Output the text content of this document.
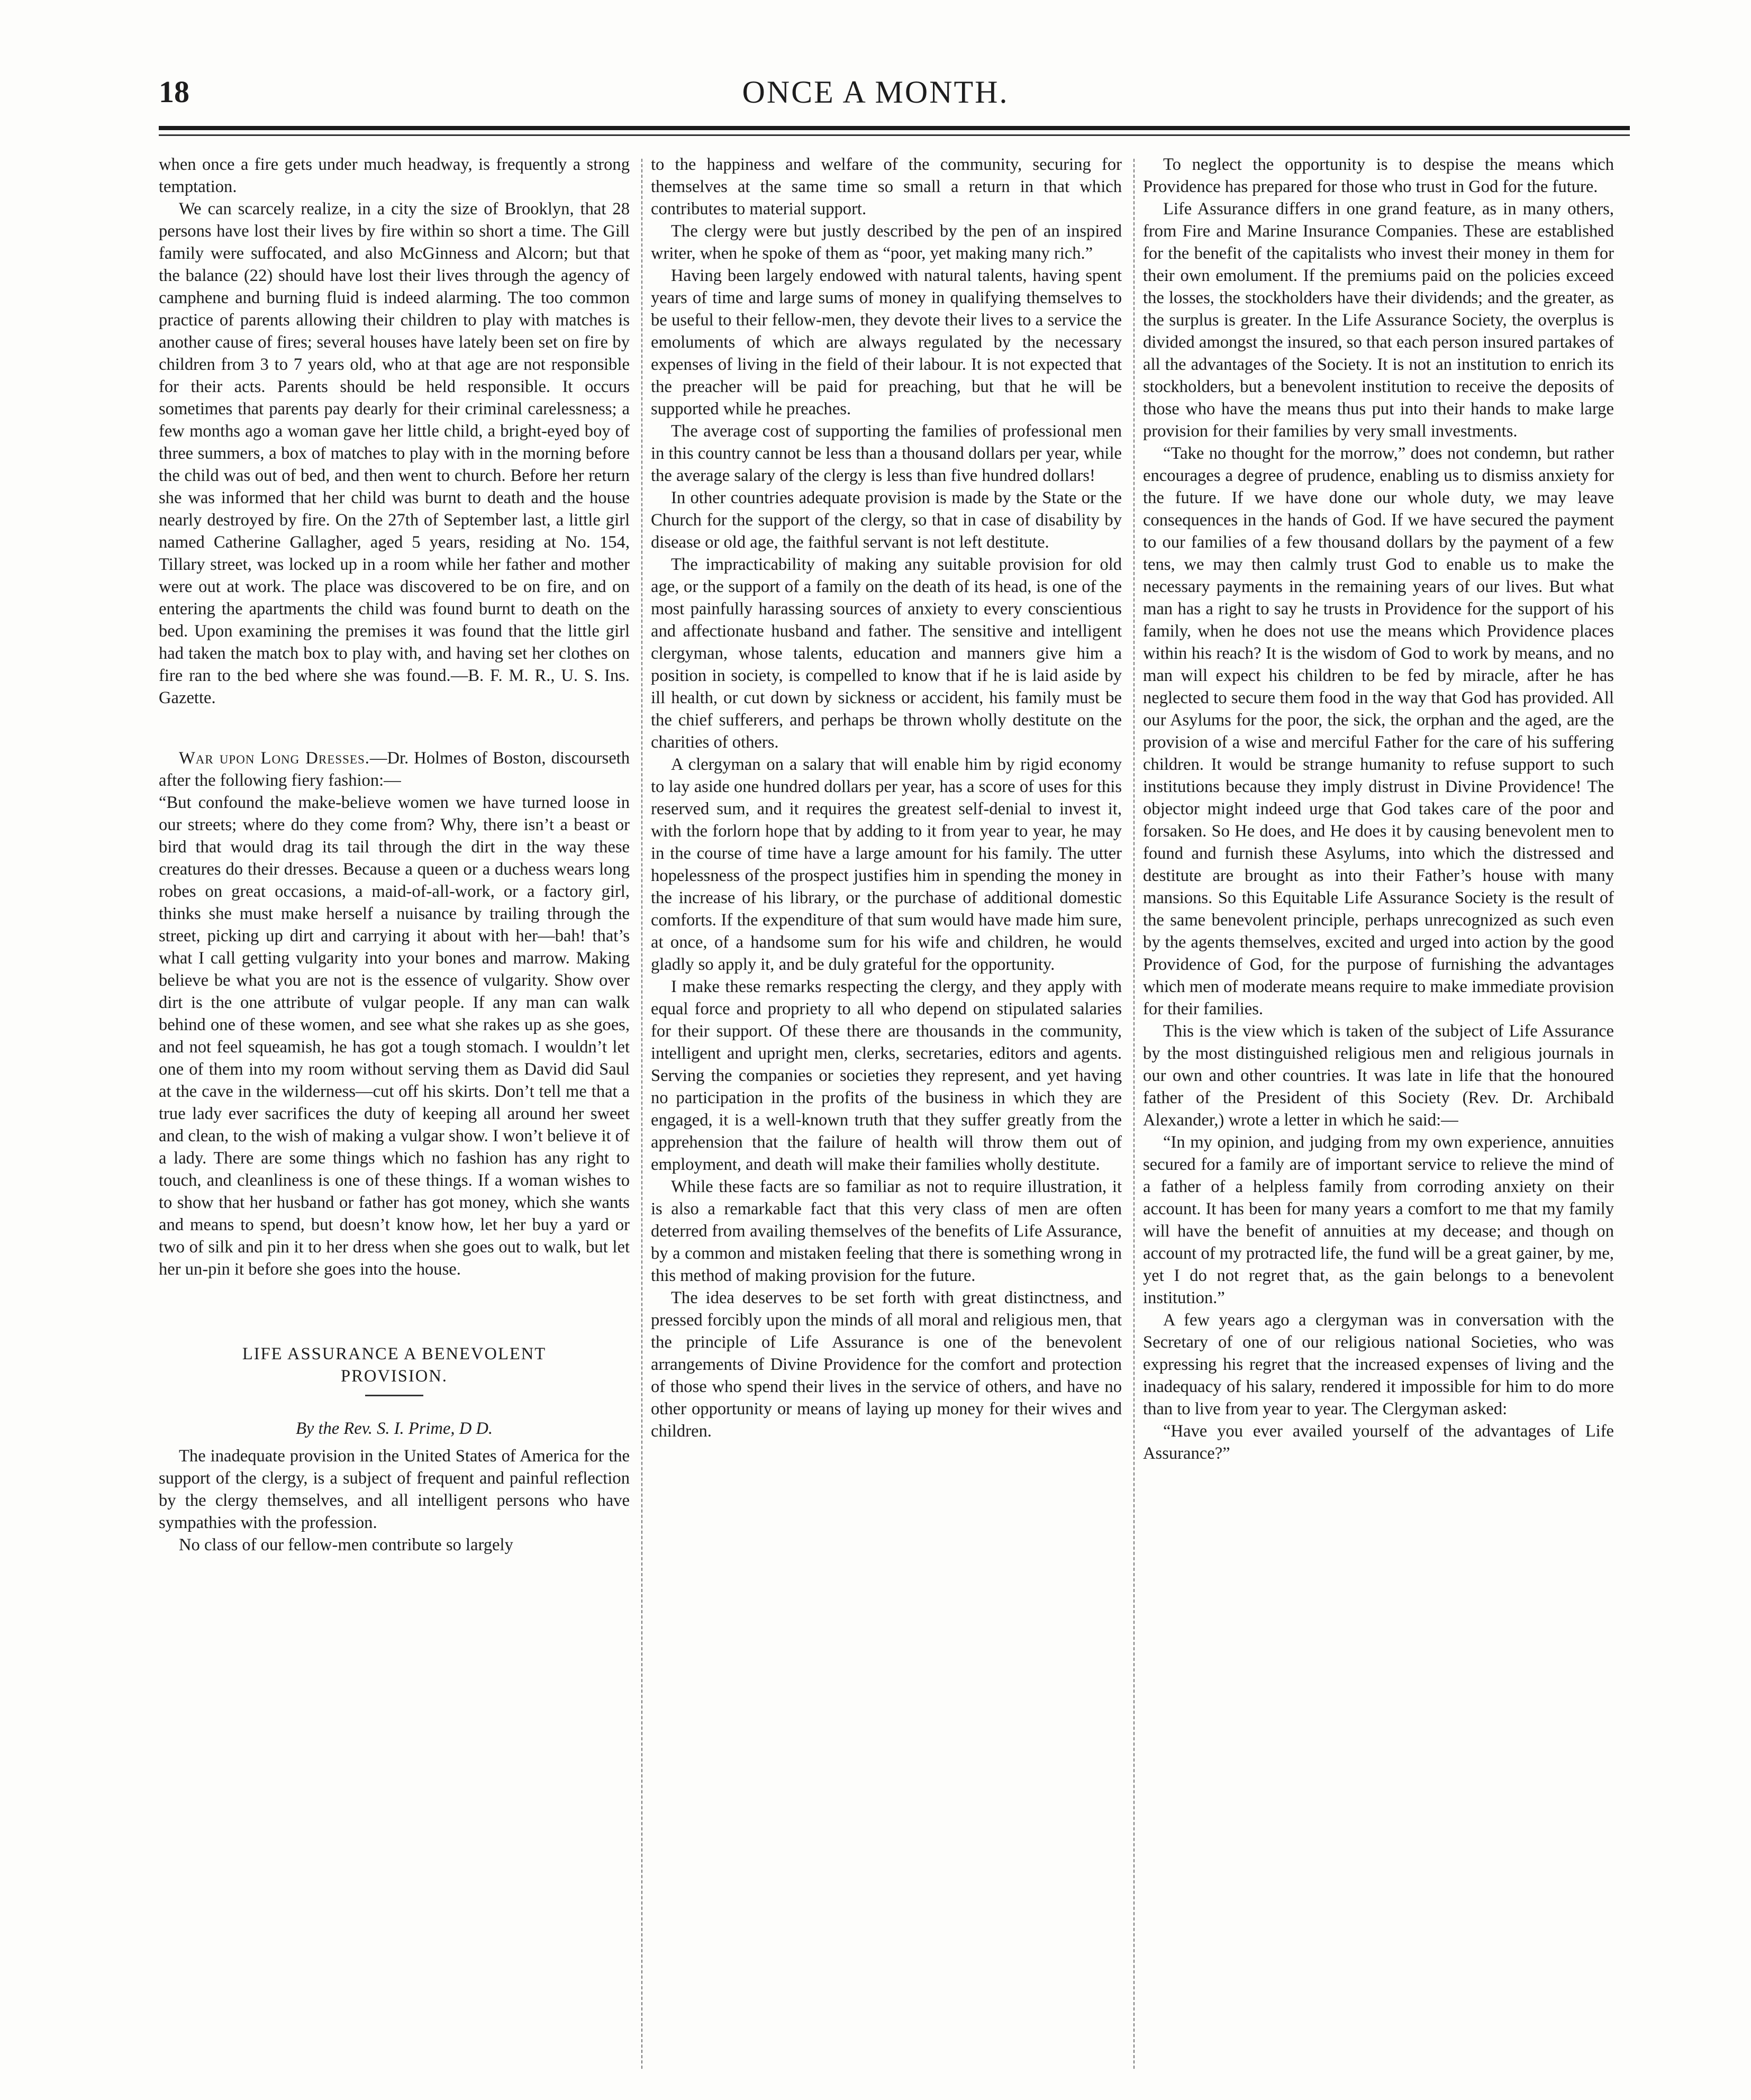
18	ONCE A MONTH.

when once a fire gets under much headway, is frequently a strong temptation.

We can scarcely realize, in a city the size of Brooklyn, that 28 persons have lost their lives by fire within so short a time. The Gill family were suffocated, and also McGinness and Alcorn; but that the balance (22) should have lost their lives through the agency of camphene and burning fluid is indeed alarming. The too common practice of parents allowing their children to play with matches is another cause of fires; several houses have lately been set on fire by children from 3 to 7 years old, who at that age are not responsible for their acts. Parents should be held responsible. It occurs sometimes that parents pay dearly for their criminal carelessness; a few months ago a woman gave her little child, a bright-eyed boy of three summers, a box of matches to play with in the morning before the child was out of bed, and then went to church. Before her return she was informed that her child was burnt to death and the house nearly destroyed by fire. On the 27th of September last, a little girl named Catherine Gallagher, aged 5 years, residing at No. 154, Tillary street, was locked up in a room while her father and mother were out at work. The place was discovered to be on fire, and on entering the apartments the child was found burnt to death on the bed. Upon examining the premises it was found that the little girl had taken the match box to play with, and having set her clothes on fire ran to the bed where she was found.—B. F. M. R., U. S. Ins. Gazette.

War upon Long Dresses.—Dr. Holmes of Boston, discourseth after the following fiery fashion:—

“But confound the make-believe women we have turned loose in our streets; where do they come from? Why, there isn’t a beast or bird that would drag its tail through the dirt in the way these creatures do their dresses. Because a queen or a duchess wears long robes on great occasions, a maid-of-all-work, or a factory girl, thinks she must make herself a nuisance by trailing through the street, picking up dirt and carrying it about with her—bah! that’s what I call getting vulgarity into your bones and marrow. Making believe be what you are not is the essence of vulgarity. Show over dirt is the one attribute of vulgar people. If any man can walk behind one of these women, and see what she rakes up as she goes, and not feel squeamish, he has got a tough stomach. I wouldn’t let one of them into my room without serving them as David did Saul at the cave in the wilderness—cut off his skirts. Don’t tell me that a true lady ever sacrifices the duty of keeping all around her sweet and clean, to the wish of making a vulgar show. I won’t believe it of a lady. There are some things which no fashion has any right to touch, and cleanliness is one of these things. If a woman wishes to to show that her husband or father has got money, which she wants and means to spend, but doesn’t know how, let her buy a yard or two of silk and pin it to her dress when she goes out to walk, but let her un-pin it before she goes into the house.

LIFE ASSURANCE A BENEVOLENT PROVISION.
By the Rev. S. I. Prime, D D.

The inadequate provision in the United States of America for the support of the clergy, is a subject of frequent and painful reflection by the clergy themselves, and all intelligent persons who have sympathies with the profession.

No class of our fellow-men contribute so largely

to the happiness and welfare of the community, securing for themselves at the same time so small a return in that which contributes to material support.

The clergy were but justly described by the pen of an inspired writer, when he spoke of them as “poor, yet making many rich.”

Having been largely endowed with natural talents, having spent years of time and large sums of money in qualifying themselves to be useful to their fellow-men, they devote their lives to a service the emoluments of which are always regulated by the necessary expenses of living in the field of their labour. It is not expected that the preacher will be paid for preaching, but that he will be supported while he preaches.

The average cost of supporting the families of professional men in this country cannot be less than a thousand dollars per year, while the average salary of the clergy is less than five hundred dollars!

In other countries adequate provision is made by the State or the Church for the support of the clergy, so that in case of disability by disease or old age, the faithful servant is not left destitute.

The impracticability of making any suitable provision for old age, or the support of a family on the death of its head, is one of the most painfully harassing sources of anxiety to every conscientious and affectionate husband and father. The sensitive and intelligent clergyman, whose talents, education and manners give him a position in society, is compelled to know that if he is laid aside by ill health, or cut down by sickness or accident, his family must be the chief sufferers, and perhaps be thrown wholly destitute on the charities of others.

A clergyman on a salary that will enable him by rigid economy to lay aside one hundred dollars per year, has a score of uses for this reserved sum, and it requires the greatest self-denial to invest it, with the forlorn hope that by adding to it from year to year, he may in the course of time have a large amount for his family. The utter hopelessness of the prospect justifies him in spending the money in the increase of his library, or the purchase of additional domestic comforts. If the expenditure of that sum would have made him sure, at once, of a handsome sum for his wife and children, he would gladly so apply it, and be duly grateful for the opportunity.

I make these remarks respecting the clergy, and they apply with equal force and propriety to all who depend on stipulated salaries for their support. Of these there are thousands in the community, intelligent and upright men, clerks, secretaries, editors and agents. Serving the companies or societies they represent, and yet having no participation in the profits of the business in which they are engaged, it is a well-known truth that they suffer greatly from the apprehension that the failure of health will throw them out of employment, and death will make their families wholly destitute.

While these facts are so familiar as not to require illustration, it is also a remarkable fact that this very class of men are often deterred from availing themselves of the benefits of Life Assurance, by a common and mistaken feeling that there is something wrong in this method of making provision for the future.

The idea deserves to be set forth with great distinctness, and pressed forcibly upon the minds of all moral and religious men, that the principle of Life Assurance is one of the benevolent arrangements of Divine Providence for the comfort and protection of those who spend their lives in the service of others, and have no other opportunity or means of laying up money for their wives and children.

To neglect the opportunity is to despise the means which Providence has prepared for those who trust in God for the future.

Life Assurance differs in one grand feature, as in many others, from Fire and Marine Insurance Companies. These are established for the benefit of the capitalists who invest their money in them for their own emolument. If the premiums paid on the policies exceed the losses, the stockholders have their dividends; and the greater, as the surplus is greater. In the Life Assurance Society, the overplus is divided amongst the insured, so that each person insured partakes of all the advantages of the Society. It is not an institution to enrich its stockholders, but a benevolent institution to receive the deposits of those who have the means thus put into their hands to make large provision for their families by very small investments.

“Take no thought for the morrow,” does not condemn, but rather encourages a degree of prudence, enabling us to dismiss anxiety for the future. If we have done our whole duty, we may leave consequences in the hands of God. If we have secured the payment to our families of a few thousand dollars by the payment of a few tens, we may then calmly trust God to enable us to make the necessary payments in the remaining years of our lives. But what man has a right to say he trusts in Providence for the support of his family, when he does not use the means which Providence places within his reach? It is the wisdom of God to work by means, and no man will expect his children to be fed by miracle, after he has neglected to secure them food in the way that God has provided. All our Asylums for the poor, the sick, the orphan and the aged, are the provision of a wise and merciful Father for the care of his suffering children. It would be strange humanity to refuse support to such institutions because they imply distrust in Divine Providence! The objector might indeed urge that God takes care of the poor and forsaken. So He does, and He does it by causing benevolent men to found and furnish these Asylums, into which the distressed and destitute are brought as into their Father’s house with many mansions. So this Equitable Life Assurance Society is the result of the same benevolent principle, perhaps unrecognized as such even by the agents themselves, excited and urged into action by the good Providence of God, for the purpose of furnishing the advantages which men of moderate means require to make immediate provision for their families.

This is the view which is taken of the subject of Life Assurance by the most distinguished religious men and religious journals in our own and other countries. It was late in life that the honoured father of the President of this Society (Rev. Dr. Archibald Alexander,) wrote a letter in which he said:—

“In my opinion, and judging from my own experience, annuities secured for a family are of important service to relieve the mind of a father of a helpless family from corroding anxiety on their account. It has been for many years a comfort to me that my family will have the benefit of annuities at my decease; and though on account of my protracted life, the fund will be a great gainer, by me, yet I do not regret that, as the gain belongs to a benevolent institution.”

A few years ago a clergyman was in conversation with the Secretary of one of our religious national Societies, who was expressing his regret that the increased expenses of living and the inadequacy of his salary, rendered it impossible for him to do more than to live from year to year. The Clergyman asked:

“Have you ever availed yourself of the advantages of Life Assurance?”
